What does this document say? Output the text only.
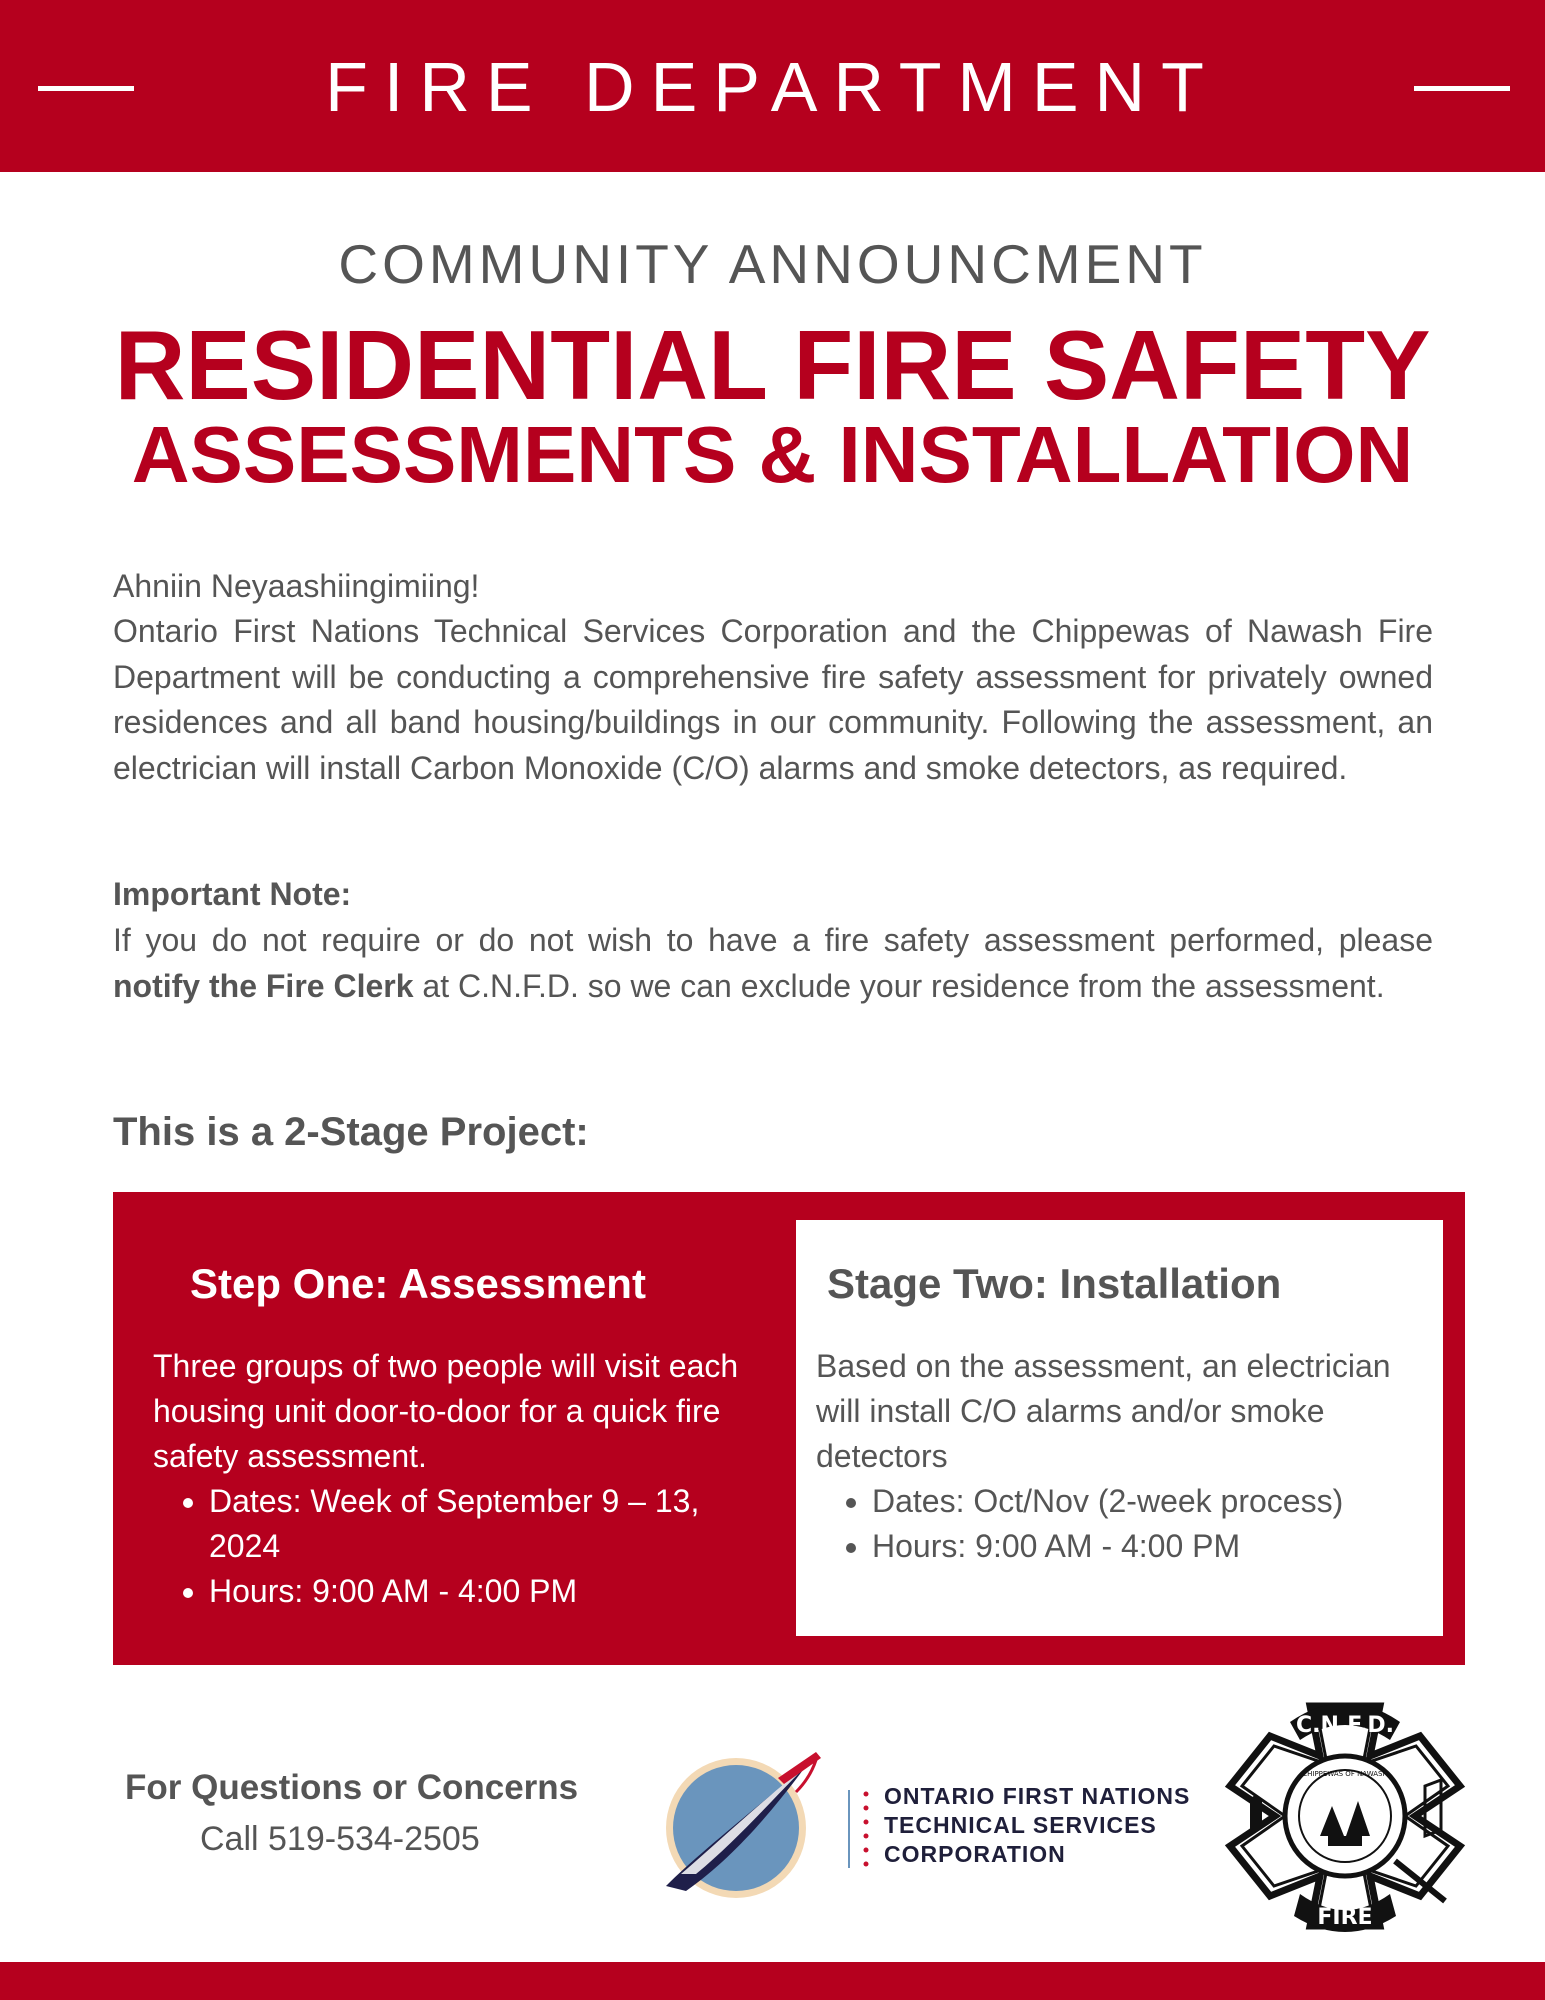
FIRE DEPARTMENT
COMMUNITY ANNOUNCMENT
RESIDENTIAL FIRE SAFETY
ASSESSMENTS & INSTALLATION

Ahniin Neyaashiingimiing!

Ontario First Nations Technical Services Corporation and the Chippewas of Nawash Fire Department will be conducting a comprehensive fire safety assessment for privately owned residences and all band housing/buildings in our community. Following the assessment, an electrician will install Carbon Monoxide (C/O) alarms and smoke detectors, as required.

Important Note:

If you do not require or do not wish to have a fire safety assessment performed, please notify the Fire Clerk at C.N.F.D. so we can exclude your residence from the assessment.

This is a 2-Stage Project:
Step One: Assessment
Three groups of two people will visit each housing unit door-to-door for a quick fire safety assessment.
• Dates: Week of September 9 – 13, 2024
• Hours: 9:00 AM - 4:00 PM
Stage Two: Installation
Based on the assessment, an electrician will install C/O alarms and/or smoke detectors
• Dates: Oct/Nov (2-week process)
• Hours: 9:00 AM - 4:00 PM
For Questions or Concerns
Call 519-534-2505
ONTARIO FIRST NATIONS
TECHNICAL SERVICES
CORPORATION
C.N.F.D.
FIRE
CHIPPEWAS OF NAWASH
